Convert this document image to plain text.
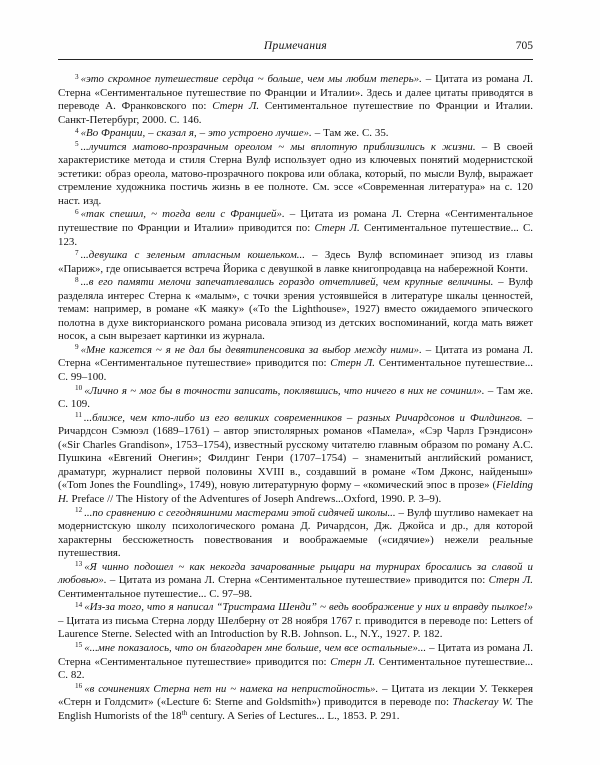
Примечания	705

$^3$ «это скромное путешествие сердца ~ больше, чем мы любим теперь». – Цитата из романа Л. Стерна «Сентиментальное путешествие по Франции и Италии». Здесь и далее цитаты приводятся в переводе А. Франковского по: Стерн Л. Сентиментальное путешествие по Франции и Италии. Санкт-Петербург, 2000. С. 146.

$^4$ «Во Франции, – сказал я, – это устроено лучше». – Там же. С. 35.

$^5$ ...лучится матово-прозрачным ореолом ~ мы вплотную приблизились к жизни. – В своей характеристике метода и стиля Стерна Вулф использует одно из ключевых понятий модернистской эстетики: образ ореола, матово-прозрачного покрова или облака, который, по мысли Вулф, выражает стремление художника постичь жизнь в ее полноте. См. эссе «Современная литература» на с. 120 наст. изд.

$^6$ «так спешил, ~ тогда вели с Францией». – Цитата из романа Л. Стерна «Сентиментальное путешествие по Франции и Италии» приводится по: Стерн Л. Сентиментальное путешествие... С. 123.

$^7$ ...девушка с зеленым атласным кошельком... – Здесь Вулф вспоминает эпизод из главы «Париж», где описывается встреча Йорика с девушкой в лавке книгопродавца на набережной Конти.

$^8$ ...в его памяти мелочи запечатлевались гораздо отчетливей, чем крупные величины. – Вулф разделяла интерес Стерна к «малым», с точки зрения устоявшейся в литературе шкалы ценностей, темам: например, в романе «К маяку» («To the Lighthouse», 1927) вместо ожидаемого эпического полотна в духе викторианского романа рисовала эпизод из детских воспоминаний, когда мать вяжет носок, а сын вырезает картинки из журнала.

$^9$ «Мне кажется ~ я не дал бы девятипенсовика за выбор между ними». – Цитата из романа Л. Стерна «Сентиментальное путешествие» приводится по: Стерн Л. Сентиментальное путешествие... С. 99–100.

$^{10}$ «Лично я ~ мог бы в точности записать, поклявшись, что ничего в них не сочинил». – Там же. С. 109.

$^{11}$ ...ближе, чем кто-либо из его великих современников – разных Ричардсонов и Филдингов. – Ричардсон Сэмюэл (1689–1761) – автор эпистолярных романов «Памела», «Сэр Чарлз Грэндисон» («Sir Charles Grandison», 1753–1754), известный русскому читателю главным образом по роману А.С. Пушкина «Евгений Онегин»; Филдинг Генри (1707–1754) – знаменитый английский романист, драматург, журналист первой половины XVIII в., создавший в романе «Том Джонс, найденыш» («Tom Jones the Foundling», 1749), новую литературную форму – «комический эпос в прозе» (Fielding H. Preface // The History of the Adventures of Joseph Andrews...Oxford, 1990. P. 3–9).

$^{12}$ ...по сравнению с сегодняшними мастерами этой сидячей школы... – Вулф шутливо намекает на модернистскую школу психологического романа Д. Ричардсон, Дж. Джойса и др., для которой характерны бессюжетность повествования и воображаемые («сидячие») нежели реальные путешествия.

$^{13}$ «Я чинно подошел ~ как некогда зачарованные рыцари на турнирах бросались за славой и любовью». – Цитата из романа Л. Стерна «Сентиментальное путешествие» приводится по: Стерн Л. Сентиментальное путешестие... С. 97–98.

$^{14}$ «Из-за того, что я написал “Тристрама Шенди” ~ ведь воображение у них и вправду пылкое!» – Цитата из письма Стерна лорду Шелберну от 28 ноября 1767 г. приводится в переводе по: Letters of Laurence Sterne. Selected with an Introduction by R.B. Johnson. L., N.Y., 1927. P. 182.

$^{15}$ «...мне показалось, что он благодарен мне больше, чем все остальные»... – Цитата из романа Л. Стерна «Сентиментальное путешествие» приводится по: Стерн Л. Сентиментальное путешествие... С. 82.

$^{16}$ «в сочинениях Стерна нет ни ~ намека на непристойность». – Цитата из лекции У. Теккерея «Стерн и Голдсмит» («Lecture 6: Sterne and Goldsmith») приводится в переводе по: Thackeray W. The English Humorists of the 18th century. A Series of Lectures... L., 1853. P. 291.
